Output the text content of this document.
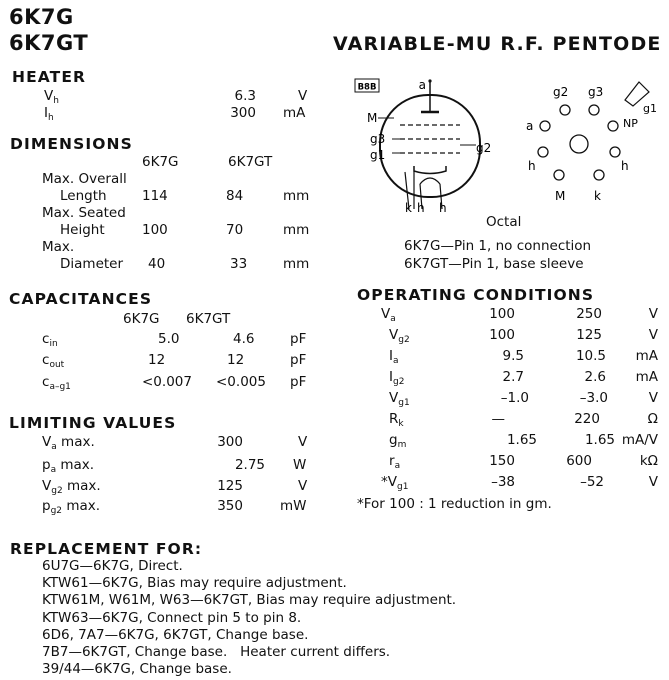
6K7G
6K7GT	VARIABLE-MU R.F. PENTODE
HEATER
$V_h$	6.3	V
$I_h$	300 mA
DIMENSIONS
6K7G	6K7GT
Max. Overall
Length	114	84	mm
Max. Seated
Height	100	70	mm
Max.
Diameter 40	33	mm
CAPACITANCES
6K7G 6K7GT
$c_{in}$	5.0	4.6	pF
$c_{out}$	12	12	pF
$c_{a-g1}$	<0.007 <0.005 pF
LIMITING VALUES
$V_a$ max.	300	V
$p_a$ max.	2.75 W
$V_{g2}$ max.	125	V
$p_{g2}$ max.	350	mW
B8B	a
M
g3
g1	g2
k h h
g2 g3
a	NP
g1
h	h
M k
Octal
6K7G—Pin 1, no connection
6K7GT—Pin 1, base sleeve
OPERATING CONDITIONS
$V_a$	100	250	V
$V_{g2}$	100	125	V
$I_a$	9.5	10.5	mA
$I_{g2}$	2.7	2.6	mA
$V_{g1}$	–1.0	–3.0	V
$R_k$	—	220	Ω
$g_m$	1.65	1.65 mA/V
$r_a$	150	600	kΩ
$*V_{g1}$	–38	–52	V
*For 100 : 1 reduction in gm.
REPLACEMENT FOR:
6U7G—6K7G, Direct.
KTW61—6K7G, Bias may require adjustment.
KTW61M, W61M, W63—6K7GT, Bias may require adjustment.
KTW63—6K7G, Connect pin 5 to pin 8.
6D6, 7A7—6K7G, 6K7GT, Change base.
7B7—6K7GT, Change base.   Heater current differs.
39/44—6K7G, Change base.
